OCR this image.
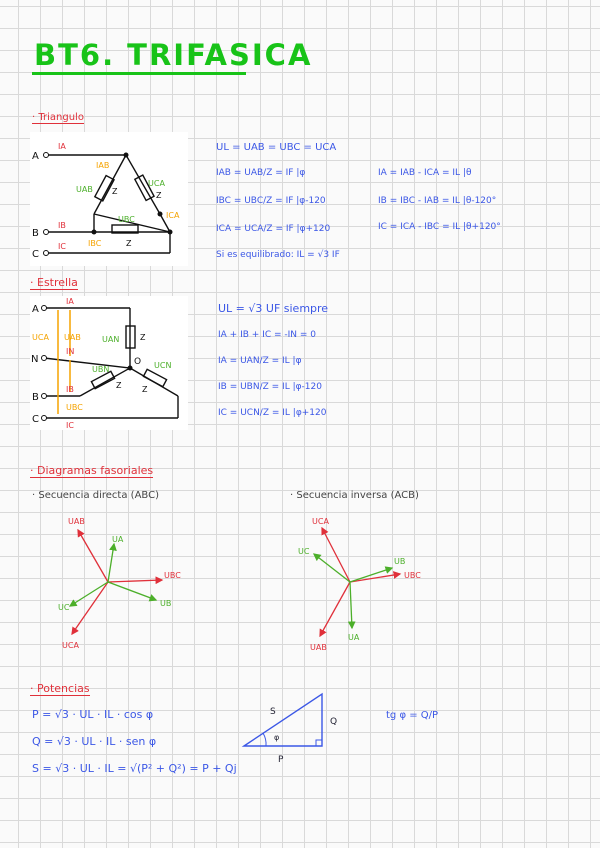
BT6. TRIFASICA
· Triangulo
A
B
C
IA
IB
IC
IAB
ICA
IBC
UAB
UCA
UBC
Z	Z
Z
UL = UAB = UBC = UCA
IAB = UAB/Z = IF |φ
IBC = UBC/Z = IF |φ-120
ICA = UCA/Z = IF |φ+120
IA = IAB - ICA = IL |θ
IB = IBC - IAB = IL |θ-120°
IC = ICA - IBC = IL |θ+120°
Si es equilibrado: IL = √3 IF
· Estrella
A
N
B
C
O
Z
Z	Z
UCA UAB
UBC
IA
IN
IB
IC
UAN
UBN	UCN
UL = √3 UF siempre
IA + IB + IC = -IN = 0
IA = UAN/Z = IL |φ
IB = UBN/Z = IL |φ-120
IC = UCN/Z = IL |φ+120
· Diagramas fasoriales
· Secuencia directa (ABC)	· Secuencia inversa (ACB)
UAB
UBC
UCA
UA
UB
UC
UCA
UBC
UAB
UC
UB
UA
· Potencias
P = √3 · UL · IL · cos φ
Q = √3 · UL · IL · sen φ
S = √3 · UL · IL = √(P² + Q²) = P + Qj
S
Q
P
φ
tg φ = Q/P
